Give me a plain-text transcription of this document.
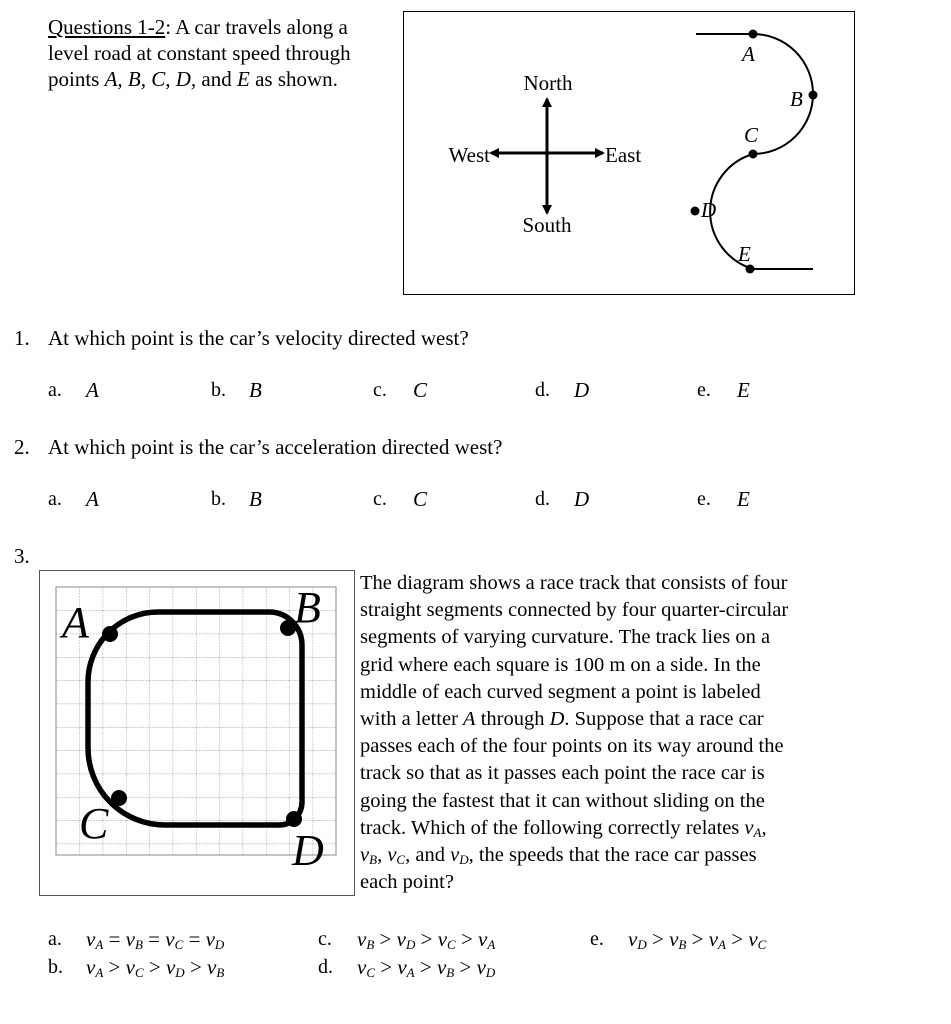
Questions 1-2: A car travels along a
level road at constant speed through
points A, B, C, D, and E as shown.	North
South
East
West
A
B
C
D
E
1. At which point is the car’s velocity directed west?
a. A	b. B	c. C	d. D	e. E
2. At which point is the car’s acceleration directed west?
a. A	b. B	c. C	d. D	e. E
3.
A	B
C
D
The diagram shows a race track that consists of four
straight segments connected by four quarter-circular
segments of varying curvature. The track lies on a
grid where each square is 100 m on a side. In the
middle of each curved segment a point is labeled
with a letter A through D. Suppose that a race car
passes each of the four points on its way around the
track so that as it passes each point the race car is
going the fastest that it can without sliding on the
track. Which of the following correctly relates $v_A$,
$v_B$, $v_C$, and $v_D$, the speeds that the race car passes
each point?
a. $v_A = v_B = v_C = v_D$
b. $v_A > v_C > v_D > v_B$
c. $v_B > v_D > v_C > v_A$
d. $v_C > v_A > v_B > v_D$
e. $v_D > v_B > v_A > v_C$
